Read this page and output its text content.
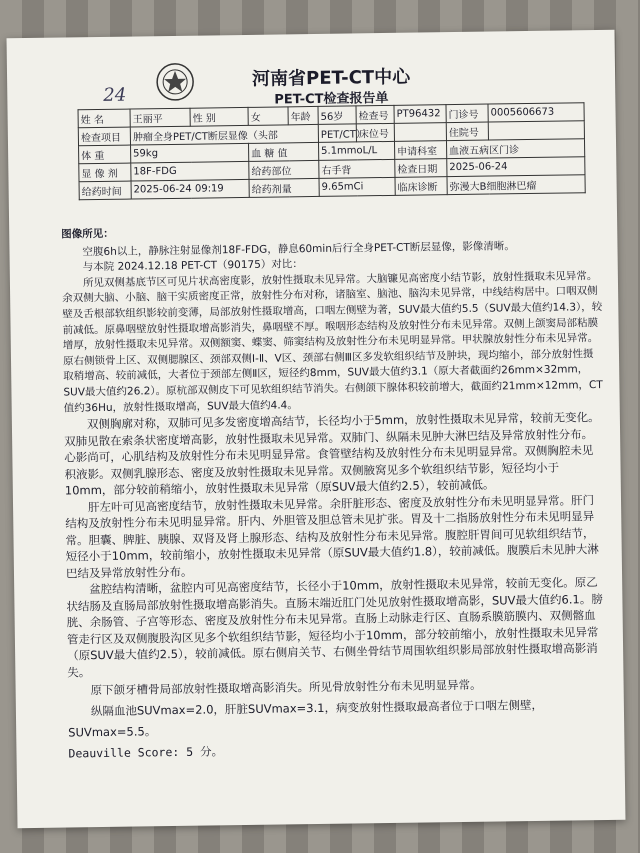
24
河南省PET-CT中心
PET-CT检查报告单
姓 名	王丽平	性 别	女	年龄	56岁	检查号	PT96432	门诊号	0005606673
检查项目	肿瘤全身PET/CT断层显像（头部				PET/CT）	床位号		住院号	
体 重	59kg		血 糖 值		5.1mmoL/L		申请科室	血液五病区门诊	
显 像 剂	18F-FDG		给药部位		右手背		检查日期	2025-06-24	
给药时间	2025-06-24 09:19		给药剂量		9.65mCi		临床诊断	弥漫大B细胞淋巴瘤	

图像所见：

空腹6h以上，静脉注射显像剂18F-FDG，静息60min后行全身PET-CT断层显像，影像清晰。

与本院 2024.12.18 PET-CT（90175）对比：

所见双侧基底节区可见片状高密度影，放射性摄取未见异常。大脑镰见高密度小结节影，放射性摄取未见异常。余双侧大脑、小脑、脑干实质密度正常，放射性分布对称，诸脑室、脑池、脑沟未见异常，中线结构居中。口咽双侧壁及舌根部软组织影较前变薄，局部放射性摄取增高，口咽左侧壁为著，SUV最大值约5.5（SUV最大值约14.3），较前减低。原鼻咽壁放射性摄取增高影消失，鼻咽壁不厚。喉咽形态结构及放射性分布未见异常。双侧上颌窦局部粘膜增厚，放射性摄取未见异常。双侧额窦、蝶窦、筛窦结构及放射性分布未见明显异常。甲状腺放射性分布未见异常。原右侧锁骨上区、双侧腮腺区、颈部双侧Ⅰ-Ⅱ、Ⅴ区、颈部右侧Ⅲ区多发软组织结节及肿块，现均缩小，部分放射性摄取稍增高、较前减低，大者位于颈部左侧Ⅱ区，短径约8mm，SUV最大值约3.1（原大者截面约26mm×32mm，SUV最大值约26.2）。原杭部双侧皮下可见软组织结节消失。右侧颌下腺体积较前增大，截面约21mm×12mm，CT值约36Hu，放射性摄取增高，SUV最大值约4.4。

双侧胸廓对称，双肺可见多发密度增高结节，长径均小于5mm，放射性摄取未见异常，较前无变化。双肺见散在索条状密度增高影，放射性摄取未见异常。双肺门、纵隔未见肿大淋巴结及异常放射性分布。心影尚可，心肌结构及放射性分布未见明显异常。食管壁结构及放射性分布未见明显异常。双侧胸腔未见积液影。双侧乳腺形态、密度及放射性摄取未见异常。双侧腋窝见多个软组织结节影，短径均小于10mm，部分较前稍缩小，放射性摄取未见异常（原SUV最大值约2.5），较前减低。

肝左叶可见高密度结节，放射性摄取未见异常。余肝脏形态、密度及放射性分布未见明显异常。肝门结构及放射性分布未见明显异常。肝内、外胆管及胆总管未见扩张。胃及十二指肠放射性分布未见明显异常。胆囊、脾脏、胰腺、双肾及肾上腺形态、结构及放射性分布未见异常。腹腔肝胃间可见软组织结节，短径小于10mm，较前缩小，放射性摄取未见异常（原SUV最大值约1.8），较前减低。腹膜后未见肿大淋巴结及异常放射性分布。

盆腔结构清晰，盆腔内可见高密度结节，长径小于10mm，放射性摄取未见异常，较前无变化。原乙状结肠及直肠局部放射性摄取增高影消失。直肠末端近肛门处见放射性摄取增高影，SUV最大值约6.1。膀胱、余肠管、子宫等形态、密度及放射性分布未见异常。直肠上动脉走行区、直肠系膜筋膜内、双侧髂血管走行区及双侧腹股沟区见多个软组织结节影，短径均小于10mm，部分较前缩小，放射性摄取未见异常（原SUV最大值约2.5），较前减低。原右侧肩关节、右侧坐骨结节周围软组织影局部放射性摄取增高影消失。

原下颌牙槽骨局部放射性摄取增高影消失。所见骨放射性分布未见明显异常。

纵隔血池SUVmax=2.0，肝脏SUVmax=3.1，病变放射性摄取最高者位于口咽左侧壁，SUVmax=5.5。

Deauville Score: 5 分。
